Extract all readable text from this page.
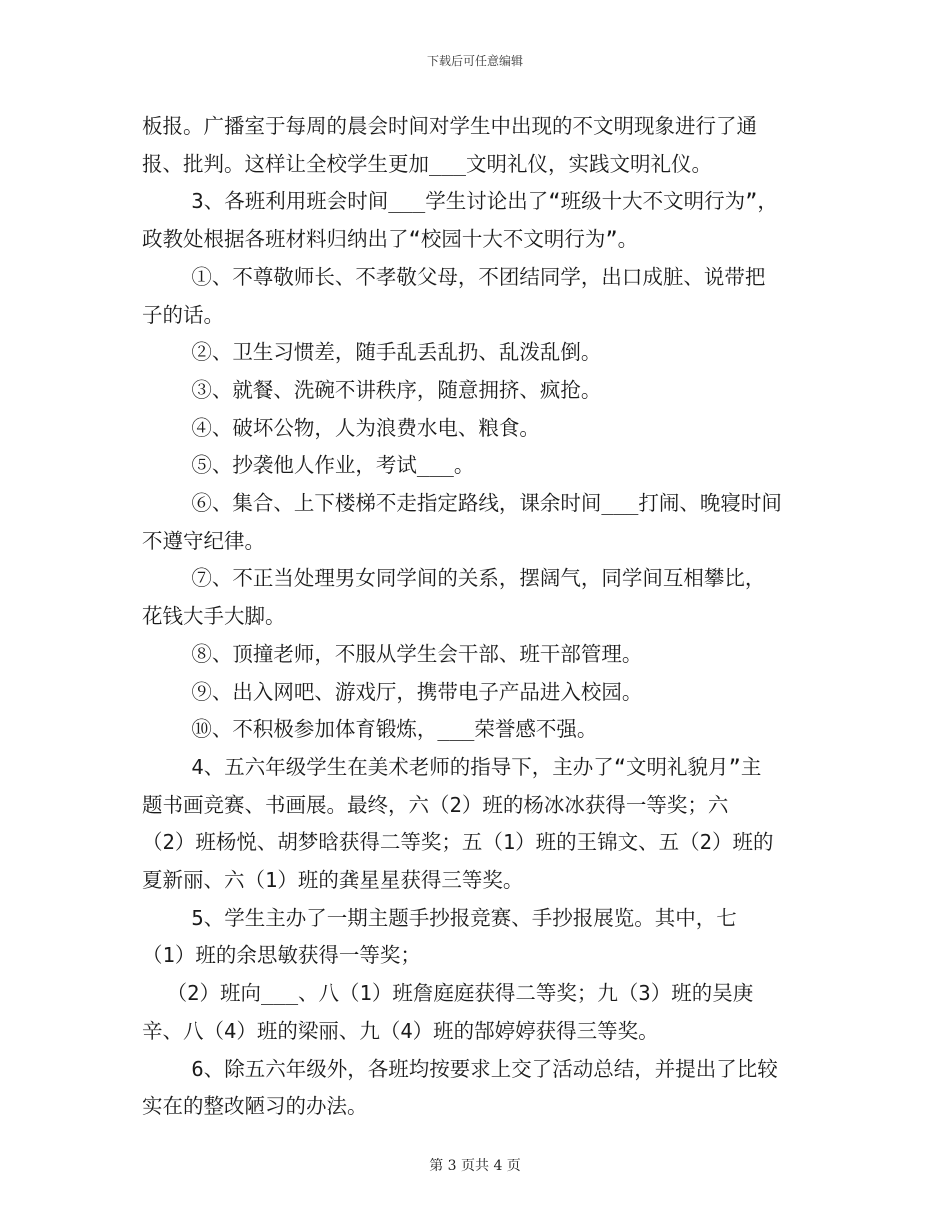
下载后可任意编辑

板报。广播室于每周的晨会时间对学生中出现的不文明现象进行了通

报、批判。这样让全校学生更加___文明礼仪，实践文明礼仪。

3、各班利用班会时间___学生讨论出了“班级十大不文明行为”，

政教处根据各班材料归纳出了“校园十大不文明行为”。

①、不尊敬师长、不孝敬父母，不团结同学，出口成脏、说带把

子的话。

②、卫生习惯差，随手乱丢乱扔、乱泼乱倒。

③、就餐、洗碗不讲秩序，随意拥挤、疯抢。

④、破坏公物，人为浪费水电、粮食。

⑤、抄袭他人作业，考试___。

⑥、集合、上下楼梯不走指定路线，课余时间___打闹、晚寝时间

不遵守纪律。

⑦、不正当处理男女同学间的关系，摆阔气，同学间互相攀比，

花钱大手大脚。

⑧、顶撞老师，不服从学生会干部、班干部管理。

⑨、出入网吧、游戏厅，携带电子产品进入校园。

⑩、不积极参加体育锻炼，___荣誉感不强。

4、五六年级学生在美术老师的指导下，主办了“文明礼貌月”主

题书画竞赛、书画展。最终，六（2）班的杨冰冰获得一等奖；六

（2）班杨悦、胡梦晗获得二等奖；五（1）班的王锦文、五（2）班的

夏新丽、六（1）班的龚星星获得三等奖。

5、学生主办了一期主题手抄报竞赛、手抄报展览。其中，七

（1）班的余思敏获得一等奖；

（2）班向___、八（1）班詹庭庭获得二等奖；九（3）班的吴庚

辛、八（4）班的梁丽、九（4）班的郜婷婷获得三等奖。

6、除五六年级外，各班均按要求上交了活动总结，并提出了比较

实在的整改陋习的办法。

第 3 页共 4 页
